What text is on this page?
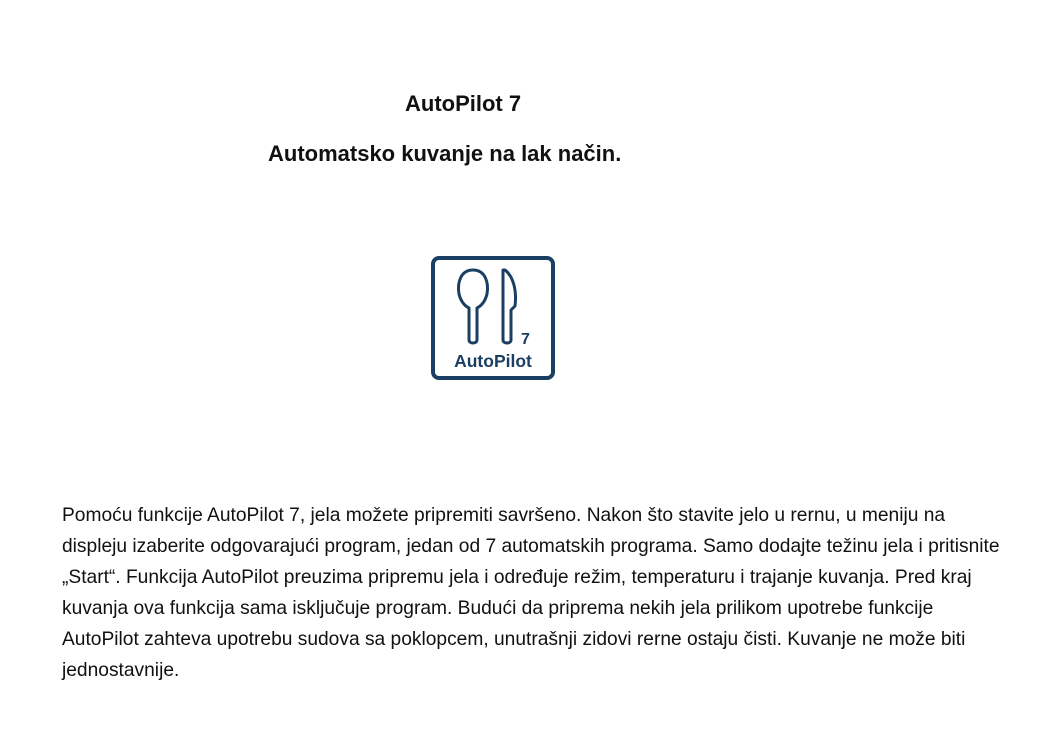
AutoPilot 7
Automatsko kuvanje na lak način.
7
AutoPilot

Pomoću funkcije AutoPilot 7, jela možete pripremiti savršeno. Nakon što stavite jelo u rernu, u meniju na displeju izaberite odgovarajući program, jedan od 7 automatskih programa. Samo dodajte težinu jela i pritisnite „Start“. Funkcija AutoPilot preuzima pripremu jela i određuje režim, temperaturu i trajanje kuvanja. Pred kraj kuvanja ova funkcija sama isključuje program. Budući da priprema nekih jela prilikom upotrebe funkcije AutoPilot zahteva upotrebu sudova sa poklopcem, unutrašnji zidovi rerne ostaju čisti. Kuvanje ne može biti jednostavnije.
